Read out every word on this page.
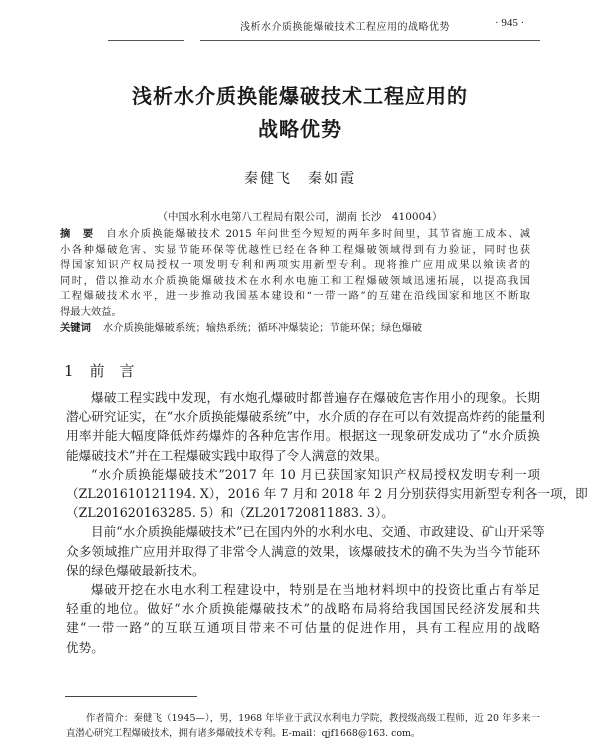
浅析水介质换能爆破技术工程应用的战略优势	· 945 ·
浅析水介质换能爆破技术工程应用的
战略优势
秦健飞　秦如霞
（中国水利水电第八工程局有限公司，湖南 长沙　410004）
摘　要 自水介质换能爆破技术 2015 年问世至今短短的两年多时间里，其节省施工成本、减
小各种爆破危害、实显节能环保等优越性已经在各种工程爆破领域得到有力验证，同时也获
得国家知识产权局授权一项发明专利和两项实用新型专利。现将推广应用成果以飨读者的
同时，借以推动水介质换能爆破技术在水利水电施工和工程爆破领域迅速拓展，以提高我国
工程爆破技术水平，进一步推动我国基本建设和“一带一路”的互建在沿线国家和地区不断取
得最大效益。
关键词 水介质换能爆破系统；输热系统；循环冲爆装论；节能环保；绿色爆破
1 前　言
爆破工程实践中发现，有水炮孔爆破时都普遍存在爆破危害作用小的现象。长期
潜心研究证实，在“水介质换能爆破系统”中，水介质的存在可以有效提高炸药的能量利
用率并能大幅度降低炸药爆炸的各种危害作用。根据这一现象研发成功了“水介质换
能爆破技术”并在工程爆破实践中取得了令人满意的效果。
“水介质换能爆破技术”2017 年 10 月已获国家知识产权局授权发明专利一项
（ZL201610121194. X），2016 年 7 月和 2018 年 2 月分别获得实用新型专利各一项，即
（ZL201620163285. 5）和（ZL201720811883. 3）。
目前“水介质换能爆破技术”已在国内外的水利水电、交通、市政建设、矿山开采等
众多领域推广应用并取得了非常令人满意的效果，该爆破技术的确不失为当今节能环
保的绿色爆破最新技术。
爆破开挖在水电水利工程建设中，特别是在当地材料坝中的投资比重占有举足
轻重的地位。做好“水介质换能爆破技术”的战略布局将给我国国民经济发展和共
建“一带一路”的互联互通项目带来不可估量的促进作用，具有工程应用的战略
优势。
作者简介：秦健飞（1945—），男，1968 年毕业于武汉水利电力学院，教授级高级工程师，近 20 年多来一
直潜心研究工程爆破技术，拥有诸多爆破技术专利。E-mail：qjf1668@163. com。
